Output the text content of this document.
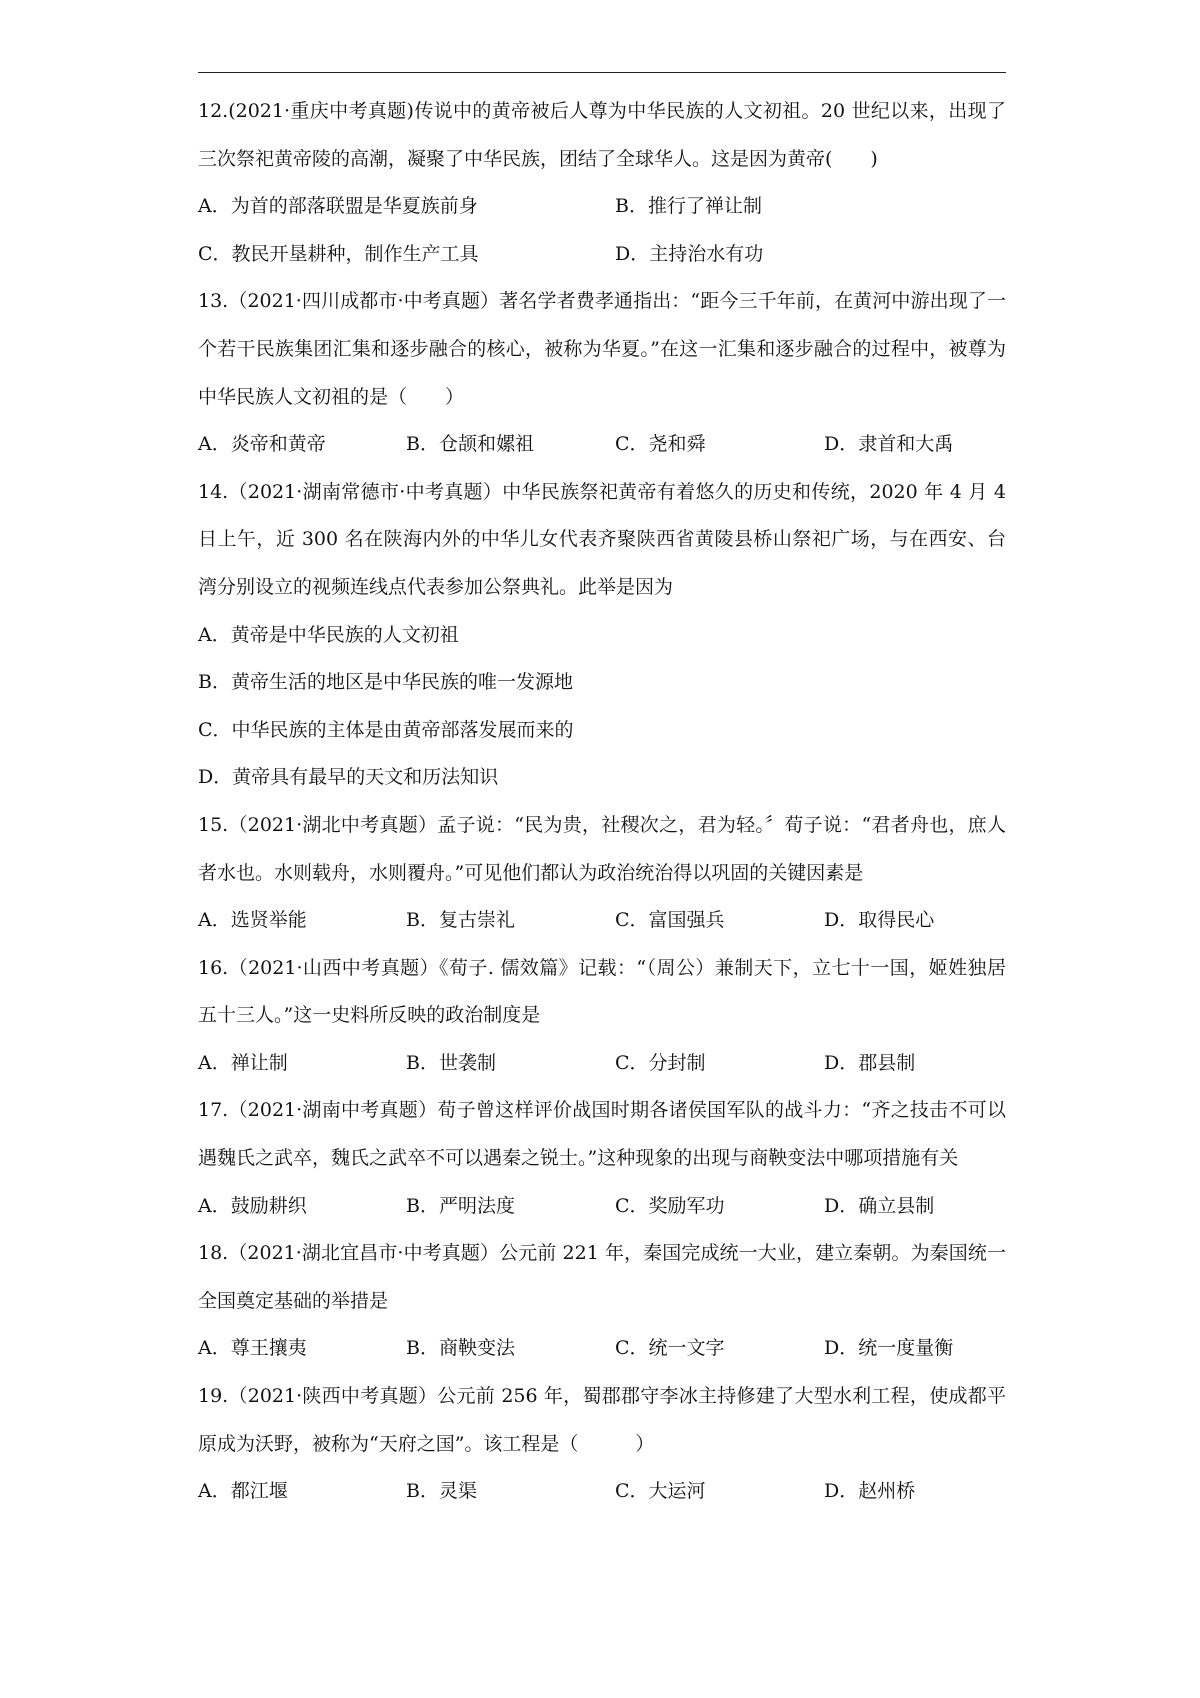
12.(2021·重庆中考真题)传说中的黄帝被后人尊为中华民族的人文初祖。20 世纪以来，出现了三次祭祀黄帝陵的高潮，凝聚了中华民族，团结了全球华人。这是因为黄帝(　　)
A．为首的部落联盟是华夏族前身	B．推行了禅让制
C．教民开垦耕种，制作生产工具	D．主持治水有功
13.（2021·四川成都市·中考真题）著名学者费孝通指出：“距今三千年前，在黄河中游出现了一个若干民族集团汇集和逐步融合的核心，被称为华夏。”在这一汇集和逐步融合的过程中，被尊为中华民族人文初祖的是（　　）
A．炎帝和黄帝	B．仓颉和嫘祖	C．尧和舜	D．隶首和大禹
14.（2021·湖南常德市·中考真题）中华民族祭祀黄帝有着悠久的历史和传统，2020 年 4 月 4 日上午，近 300 名在陕海内外的中华儿女代表齐聚陕西省黄陵县桥山祭祀广场，与在西安、台湾分别设立的视频连线点代表参加公祭典礼。此举是因为
A．黄帝是中华民族的人文初祖
B．黄帝生活的地区是中华民族的唯一发源地
C．中华民族的主体是由黄帝部落发展而来的
D．黄帝具有最早的天文和历法知识
15.（2021·湖北中考真题）孟子说：“民为贵，社稷次之，君为轻。〞荀子说：“君者舟也，庶人者水也。水则载舟，水则覆舟。”可见他们都认为政治统治得以巩固的关键因素是
A．选贤举能	B．复古崇礼	C．富国强兵	D．取得民心
16.（2021·山西中考真题）《荀子. 儒效篇》记载：“（周公）兼制天下，立七十一国，姬姓独居五十三人。”这一史料所反映的政治制度是
A．禅让制	B．世袭制	C．分封制	D．郡县制
17.（2021·湖南中考真题）荀子曾这样评价战国时期各诸侯国军队的战斗力：“齐之技击不可以遇魏氏之武卒，魏氏之武卒不可以遇秦之锐士。”这种现象的出现与商鞅变法中哪项措施有关
A．鼓励耕织	B．严明法度	C．奖励军功	D．确立县制
18.（2021·湖北宜昌市·中考真题）公元前 221 年，秦国完成统一大业，建立秦朝。为秦国统一全国奠定基础的举措是
A．尊王攘夷	B．商鞅变法	C．统一文字	D．统一度量衡
19.（2021·陕西中考真题）公元前 256 年，蜀郡郡守李冰主持修建了大型水利工程，使成都平原成为沃野，被称为“天府之国”。该工程是（　　　）
A．都江堰	B．灵渠	C．大运河	D．赵州桥
